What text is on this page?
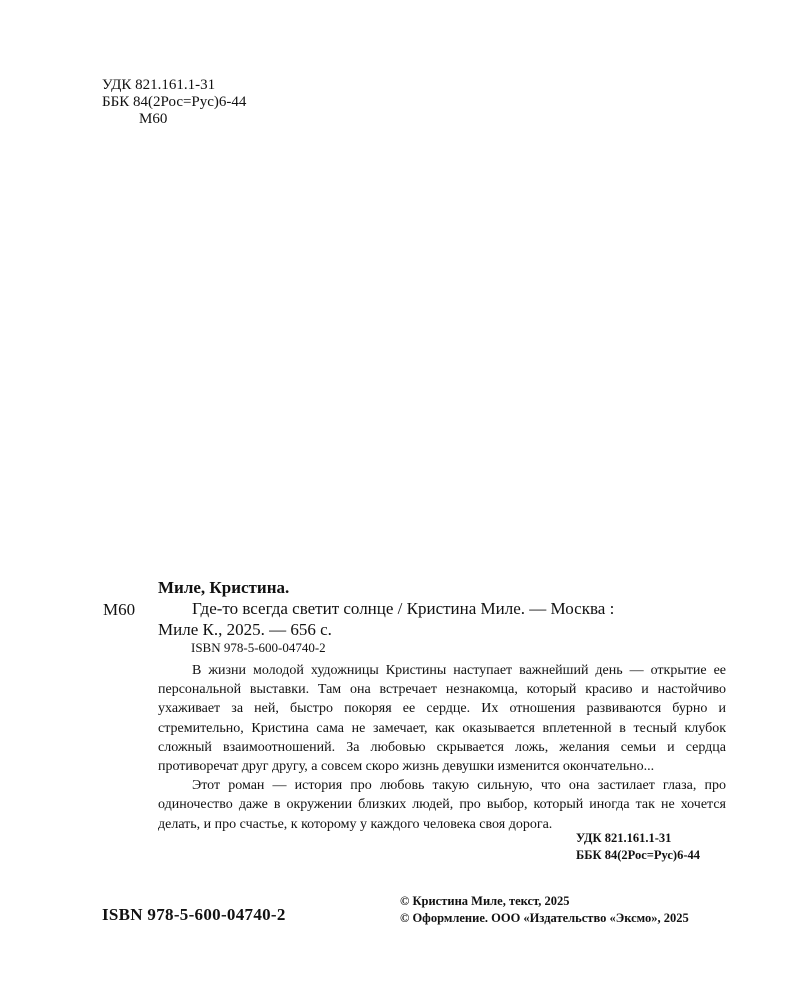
УДК 821.161.1-31
ББК 84(2Рос=Рус)6-44
М60
Миле, Кристина.
М60	Где-то всегда светит солнце / Кристина Миле. — Москва :
Миле К., 2025. — 656 с.
ISBN 978-5-600-04740-2

В жизни молодой художницы Кристины наступает важнейший день — открытие ее персональной выставки. Там она встречает незнакомца, который красиво и настойчиво ухаживает за ней, быстро покоряя ее сердце. Их отношения развиваются бурно и стремительно, Кристина сама не замечает, как оказывается вплетенной в тесный клубок сложный взаимоотношений. За любовью скрывается ложь, желания семьи и сердца противоречат друг другу, а совсем скоро жизнь девушки изменится окончательно...

Этот роман — история про любовь такую сильную, что она застилает глаза, про одиночество даже в окружении близких людей, про выбор, который иногда так не хочется делать, и про счастье, к которому у каждого человека своя дорога.

УДК 821.161.1-31
ББК 84(2Рос=Рус)6-44
ISBN 978-5-600-04740-2
© Кристина Миле, текст, 2025
© Оформление. ООО «Издательство «Эксмо», 2025
